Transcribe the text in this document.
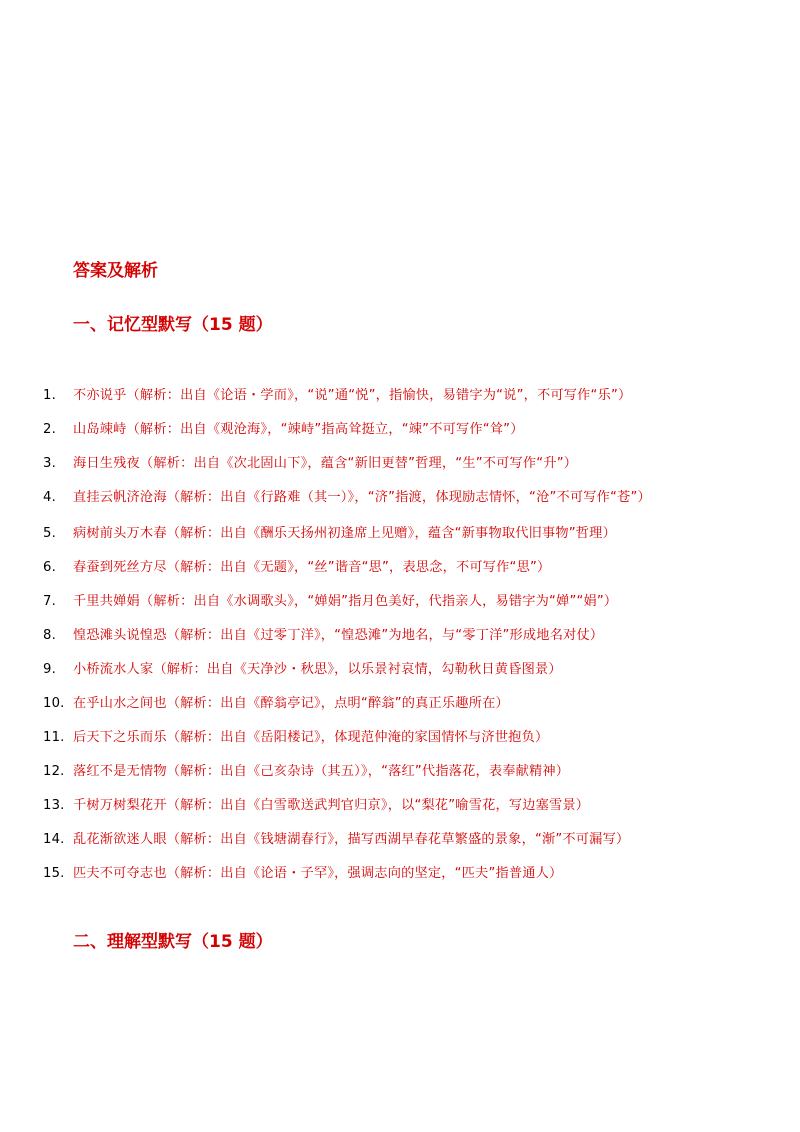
答案及解析
一、记忆型默写（15 题）
1. 不亦说乎（解析：出自《论语・学而》，“说”通“悦”，指愉快，易错字为“说”，不可写作“乐”）
2. 山岛竦峙（解析：出自《观沧海》，“竦峙”指高耸挺立，“竦”不可写作“耸”）
3. 海日生残夜（解析：出自《次北固山下》，蕴含“新旧更替”哲理，“生”不可写作“升”）
4. 直挂云帆济沧海（解析：出自《行路难（其一）》，“济”指渡，体现励志情怀，“沧”不可写作“苍”）
5. 病树前头万木春（解析：出自《酬乐天扬州初逢席上见赠》，蕴含“新事物取代旧事物”哲理）
6. 春蚕到死丝方尽（解析：出自《无题》，“丝”谐音“思”，表思念，不可写作“思”）
7. 千里共婵娟（解析：出自《水调歌头》，“婵娟”指月色美好，代指亲人，易错字为“婵”“娟”）
8. 惶恐滩头说惶恐（解析：出自《过零丁洋》，“惶恐滩”为地名，与“零丁洋”形成地名对仗）
9. 小桥流水人家（解析：出自《天净沙・秋思》，以乐景衬哀情，勾勒秋日黄昏图景）
10. 在乎山水之间也（解析：出自《醉翁亭记》，点明“醉翁”的真正乐趣所在）
11. 后天下之乐而乐（解析：出自《岳阳楼记》，体现范仲淹的家国情怀与济世抱负）
12. 落红不是无情物（解析：出自《己亥杂诗（其五）》，“落红”代指落花，表奉献精神）
13. 千树万树梨花开（解析：出自《白雪歌送武判官归京》，以“梨花”喻雪花，写边塞雪景）
14. 乱花渐欲迷人眼（解析：出自《钱塘湖春行》，描写西湖早春花草繁盛的景象，“渐”不可漏写）
15. 匹夫不可夺志也（解析：出自《论语・子罕》，强调志向的坚定，“匹夫”指普通人）
二、理解型默写（15 题）
